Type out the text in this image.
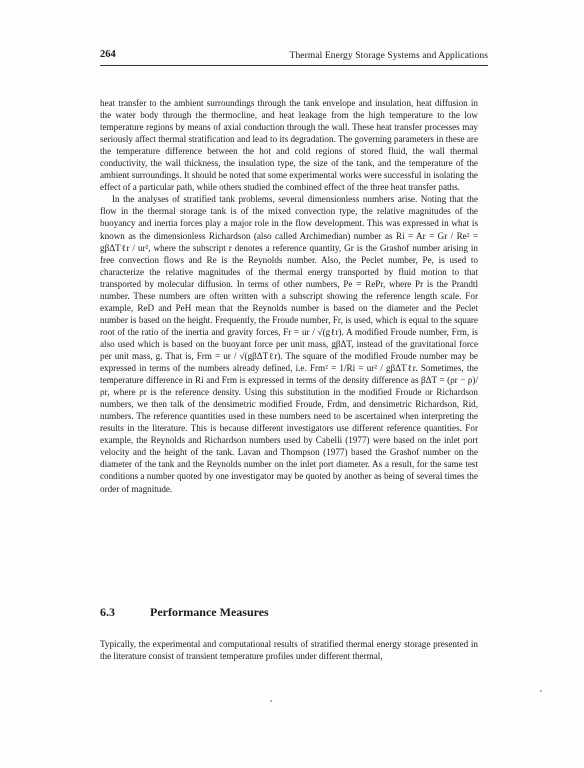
264	Thermal Energy Storage Systems and Applications

heat transfer to the ambient surroundings through the tank envelope and insulation, heat diffusion in the water body through the thermocline, and heat leakage from the high temperature to the low temperature regions by means of axial conduction through the wall. These heat transfer processes may seriously affect thermal stratification and lead to its degradation. The governing parameters in these are the temperature difference between the hot and cold regions of stored fluid, the wall thermal conductivity, the wall thickness, the insulation type, the size of the tank, and the temperature of the ambient surroundings. It should be noted that some experimental works were successful in isolating the effect of a particular path, while others studied the combined effect of the three heat transfer paths.

In the analyses of stratified tank problems, several dimensionless numbers arise. Noting that the flow in the thermal storage tank is of the mixed convection type, the relative magnitudes of the buoyancy and inertia forces play a major role in the flow development. This was expressed in what is known as the dimensionless Richardson (also called Archimedian) number as Ri = Ar = Gr / Re² = gβΔTℓr / ur², where the subscript r denotes a reference quantity, Gr is the Grashof number arising in free convection flows and Re is the Reynolds number. Also, the Peclet number, Pe, is used to characterize the relative magnitudes of the thermal energy transported by fluid motion to that transported by molecular diffusion. In terms of other numbers, Pe = RePr, where Pr is the Prandtl number. These numbers are often written with a subscript showing the reference length scale. For example, ReD and PeH mean that the Reynolds number is based on the diameter and the Peclet number is based on the height. Frequently, the Froude number, Fr, is used, which is equal to the square root of the ratio of the inertia and gravity forces, Fr = ur / √(gℓr). A modified Froude number, Frm, is also used which is based on the buoyant force per unit mass, gβΔT, instead of the gravitational force per unit mass, g. That is, Frm = ur / √(gβΔTℓr). The square of the modified Froude number may be expressed in terms of the numbers already defined, i.e. Frm² = 1/Ri = ur² / gβΔTℓr. Sometimes, the temperature difference in Ri and Frm is expressed in terms of the density difference as βΔT = (ρr − ρ)/ ρr, where ρr is the reference density. Using this substitution in the modified Froude or Richardson numbers, we then talk of the densimetric modified Froude, Frdm, and densimetric Richardson, Rid, numbers. The reference quantities used in these numbers need to be ascertained when interpreting the results in the literature. This is because different investigators use different reference quantities. For example, the Reynolds and Richardson numbers used by Cabelli (1977) were based on the inlet port velocity and the height of the tank. Lavan and Thompson (1977) based the Grashof number on the diameter of the tank and the Reynolds number on the inlet port diameter. As a result, for the same test conditions a number quoted by one investigator may be quoted by another as being of several times the order of magnitude.

6.3	Performance Measures

Typically, the experimental and computational results of stratified thermal energy storage presented in the literature consist of transient temperature profiles under different thermal,
